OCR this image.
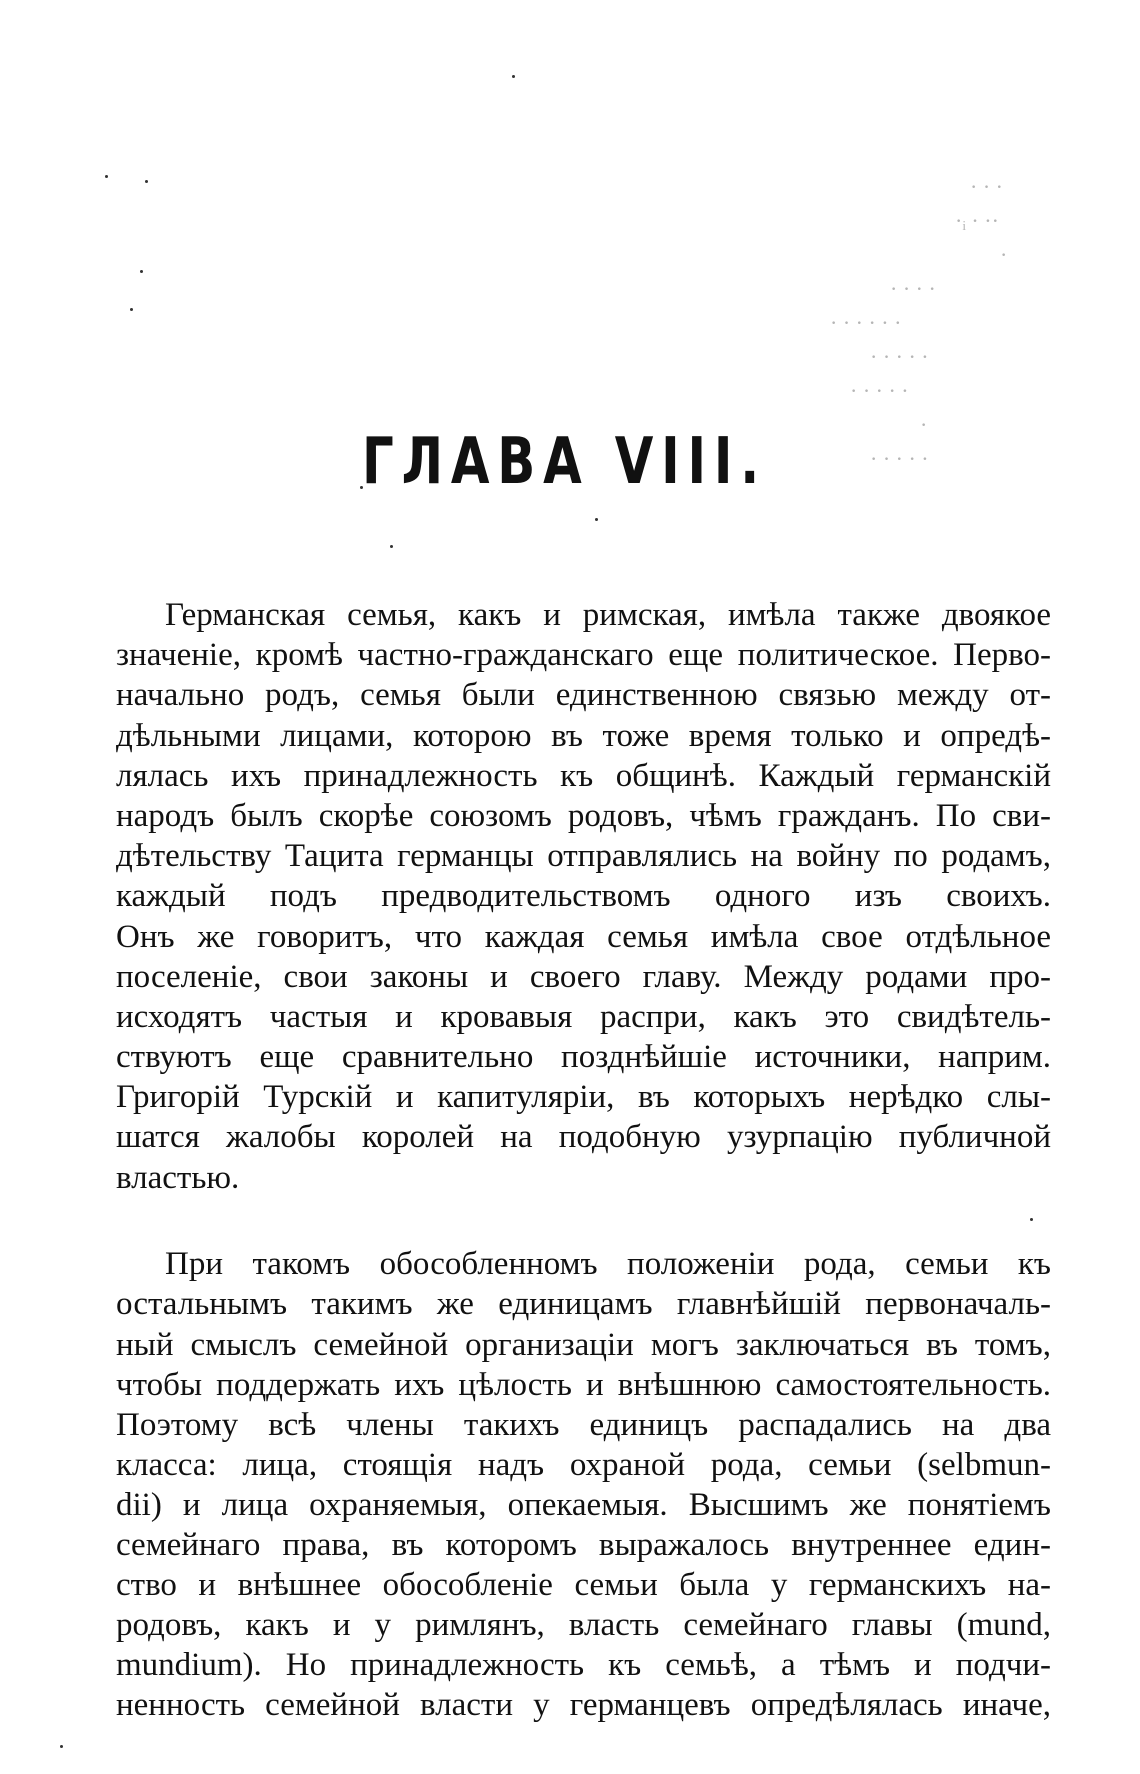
· · ·
·ᵢ · ··
·
· · · ·
· · · · · ·
· · · · ·
· · · · ·
·
· · · · ·
ГЛАВА VIII.

Германская семья, какъ и римская, имѣла также двоякое

значеніе, кромѣ частно-гражданскаго еще политическое. Перво-

начально родъ, семья были единственною связью между от-

дѣльными лицами, которою въ тоже время только и опредѣ-

лялась ихъ принадлежность къ общинѣ. Каждый германскій

народъ былъ скорѣе союзомъ родовъ, чѣмъ гражданъ. По сви-

дѣтельству Тацита германцы отправлялись на войну по родамъ,

каждый подъ предводительствомъ одного изъ своихъ.

Онъ же говоритъ, что каждая семья имѣла свое отдѣльное

поселеніе, свои законы и своего главу. Между родами про-

исходятъ частыя и кровавыя распри, какъ это свидѣтель-

ствуютъ еще сравнительно позднѣйшіе источники, наприм.

Григорій Турскій и капитуляріи, въ которыхъ нерѣдко слы-

шатся жалобы королей на подобную узурпацію публичной

властью.

При такомъ обособленномъ положеніи рода, семьи къ

остальнымъ такимъ же единицамъ главнѣйшій первоначаль-

ный смыслъ семейной организаціи могъ заключаться въ томъ,

чтобы поддержать ихъ цѣлость и внѣшнюю самостоятельность.

Поэтому всѣ члены такихъ единицъ распадались на два

класса: лица, стоящія надъ охраной рода, семьи (selbmun-

dii) и лица охраняемыя, опекаемыя. Высшимъ же понятіемъ

семейнаго права, въ которомъ выражалось внутреннее един-

ство и внѣшнее обособленіе семьи была у германскихъ на-

родовъ, какъ и у римлянъ, власть семейнаго главы (mund,

mundium). Но принадлежность къ семьѣ, а тѣмъ и подчи-

ненность семейной власти у германцевъ опредѣлялась иначе,
